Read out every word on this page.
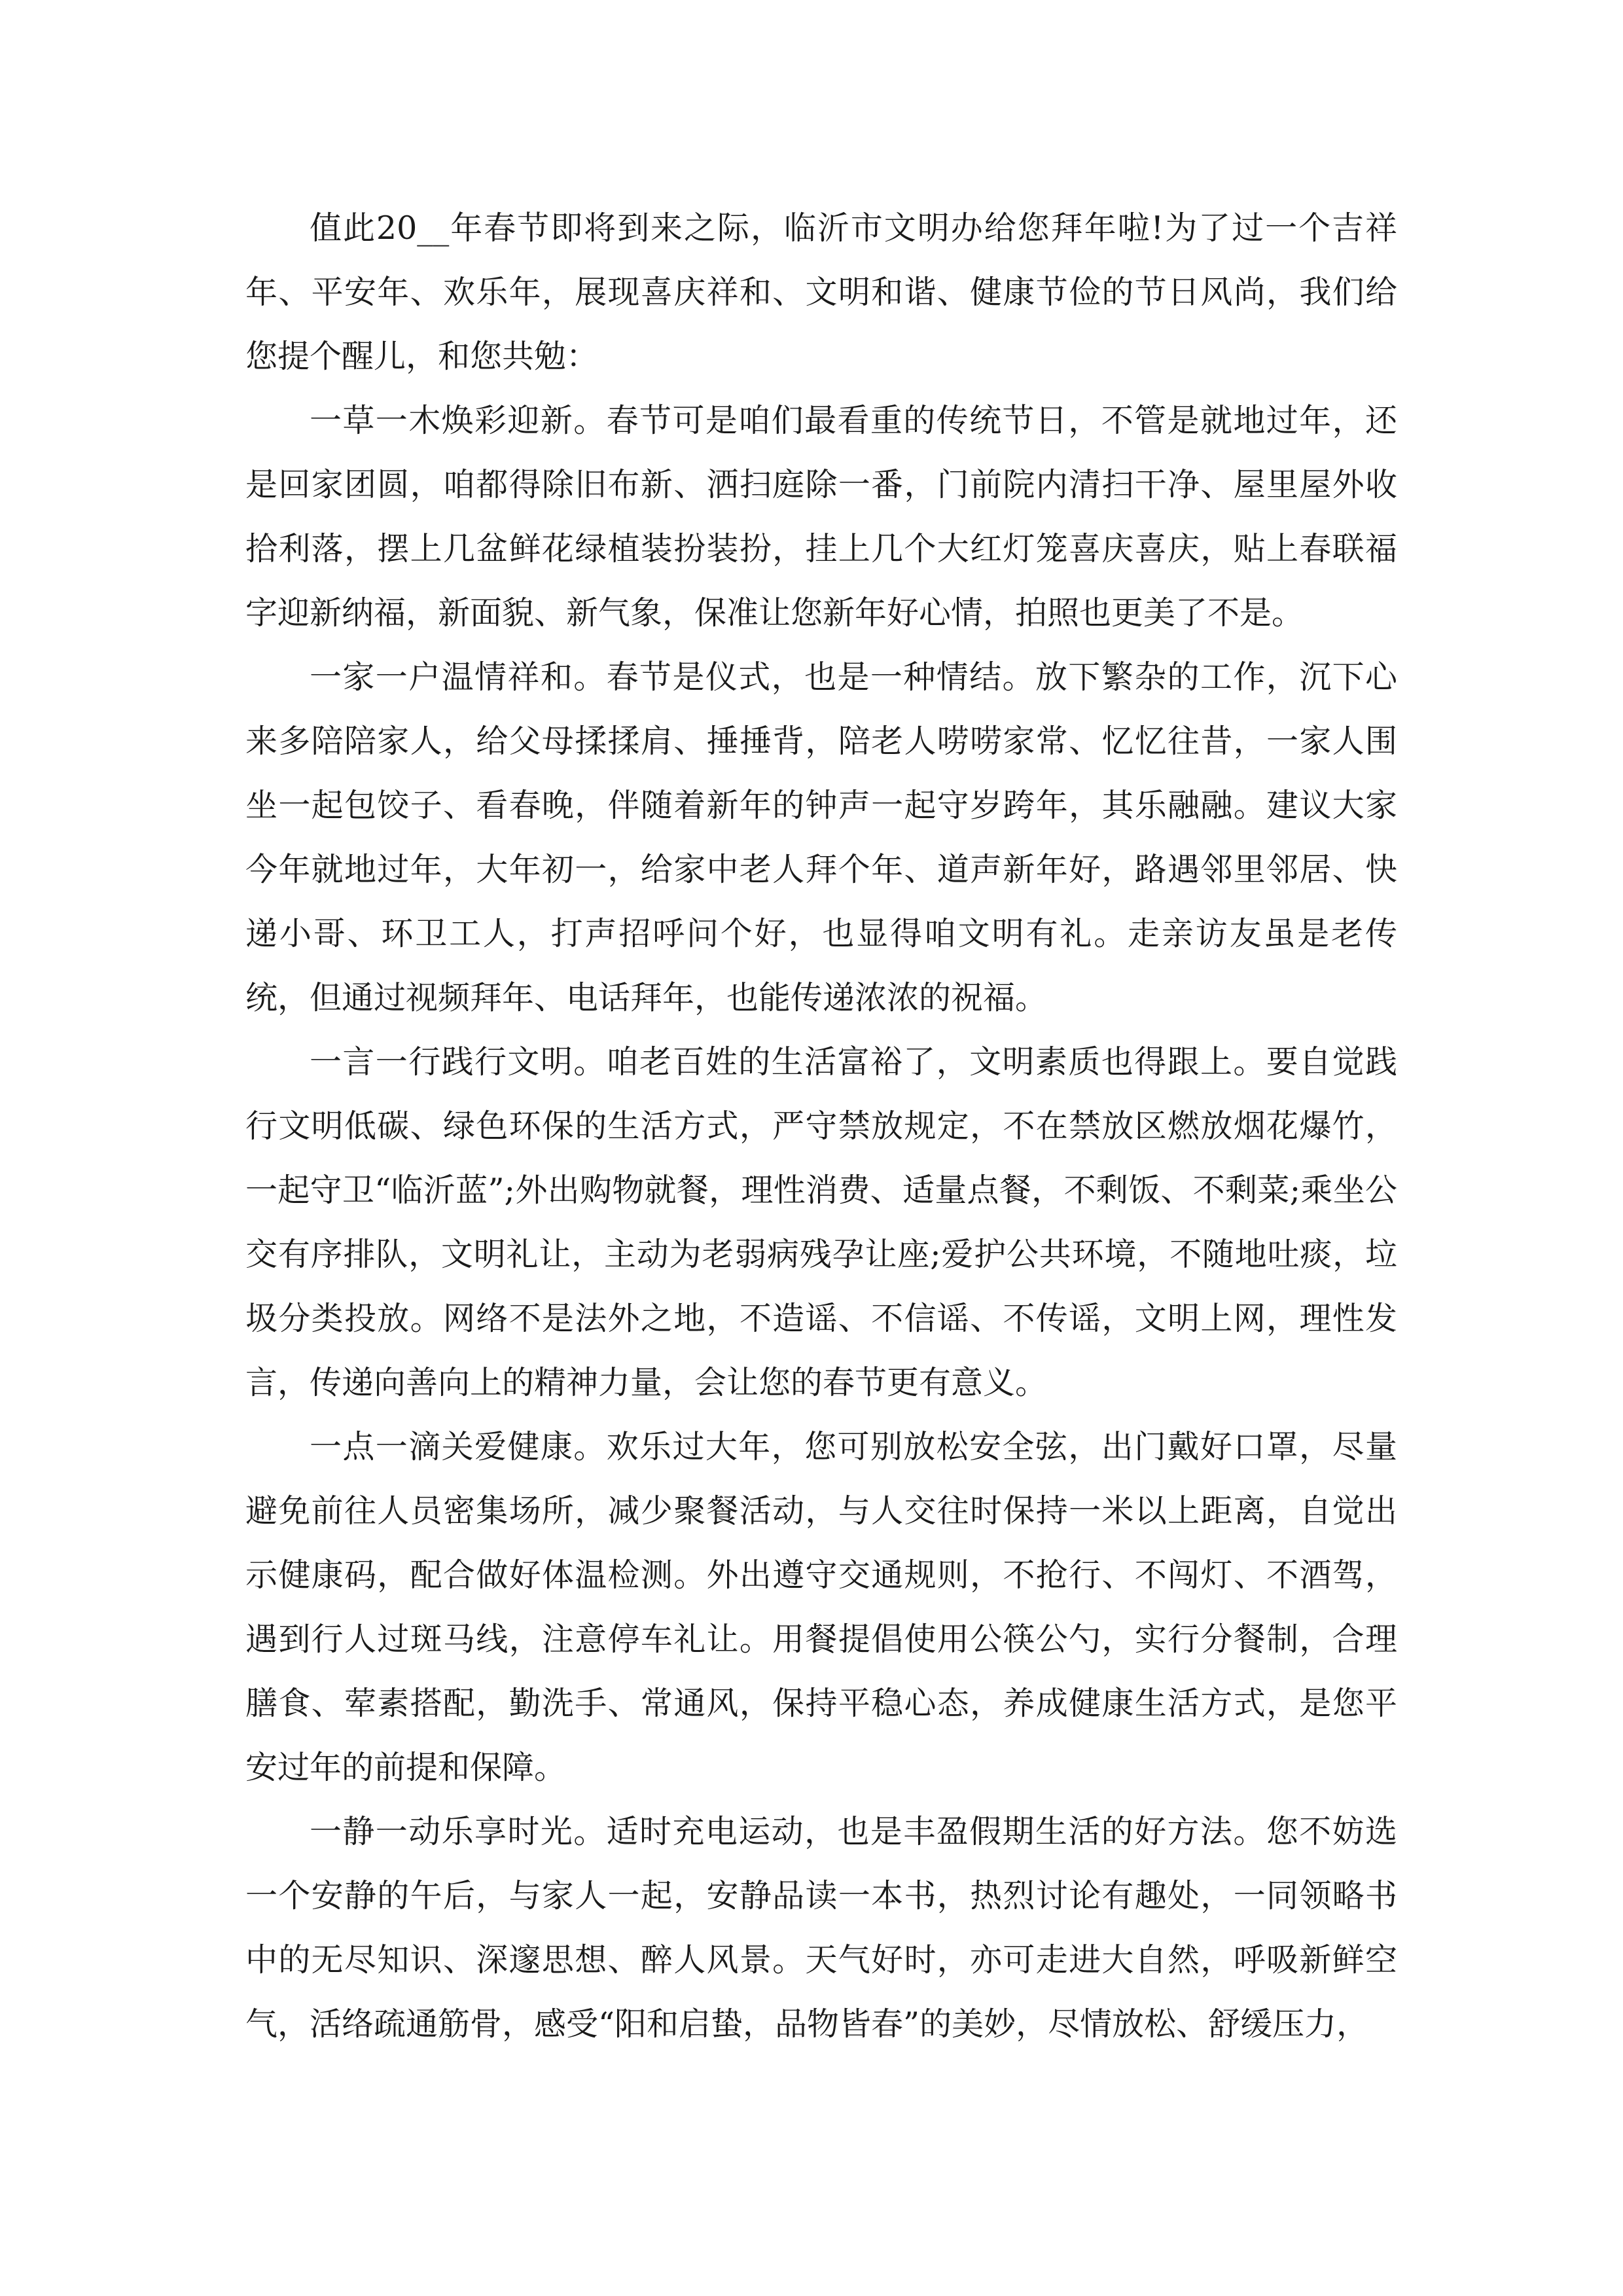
值此20__年春节即将到来之际，临沂市文明办给您拜年啦!为了过一个吉祥年、平安年、欢乐年，展现喜庆祥和、文明和谐、健康节俭的节日风尚，我们给您提个醒儿，和您共勉：

一草一木焕彩迎新。春节可是咱们最看重的传统节日，不管是就地过年，还是回家团圆，咱都得除旧布新、洒扫庭除一番，门前院内清扫干净、屋里屋外收拾利落，摆上几盆鲜花绿植装扮装扮，挂上几个大红灯笼喜庆喜庆，贴上春联福字迎新纳福，新面貌、新气象，保准让您新年好心情，拍照也更美了不是。

一家一户温情祥和。春节是仪式，也是一种情结。放下繁杂的工作，沉下心来多陪陪家人，给父母揉揉肩、捶捶背，陪老人唠唠家常、忆忆往昔，一家人围坐一起包饺子、看春晚，伴随着新年的钟声一起守岁跨年，其乐融融。建议大家今年就地过年，大年初一，给家中老人拜个年、道声新年好，路遇邻里邻居、快递小哥、环卫工人，打声招呼问个好，也显得咱文明有礼。走亲访友虽是老传统，但通过视频拜年、电话拜年，也能传递浓浓的祝福。

一言一行践行文明。咱老百姓的生活富裕了，文明素质也得跟上。要自觉践行文明低碳、绿色环保的生活方式，严守禁放规定，不在禁放区燃放烟花爆竹，一起守卫“临沂蓝”;外出购物就餐，理性消费、适量点餐，不剩饭、不剩菜;乘坐公交有序排队，文明礼让，主动为老弱病残孕让座;爱护公共环境，不随地吐痰，垃圾分类投放。网络不是法外之地，不造谣、不信谣、不传谣，文明上网，理性发言，传递向善向上的精神力量，会让您的春节更有意义。

一点一滴关爱健康。欢乐过大年，您可别放松安全弦，出门戴好口罩，尽量避免前往人员密集场所，减少聚餐活动，与人交往时保持一米以上距离，自觉出示健康码，配合做好体温检测。外出遵守交通规则，不抢行、不闯灯、不酒驾，遇到行人过斑马线，注意停车礼让。用餐提倡使用公筷公勺，实行分餐制，合理膳食、荤素搭配，勤洗手、常通风，保持平稳心态，养成健康生活方式，是您平安过年的前提和保障。

一静一动乐享时光。适时充电运动，也是丰盈假期生活的好方法。您不妨选一个安静的午后，与家人一起，安静品读一本书，热烈讨论有趣处，一同领略书中的无尽知识、深邃思想、醉人风景。天气好时，亦可走进大自然，呼吸新鲜空气，活络疏通筋骨，感受“阳和启蛰，品物皆春”的美妙，尽情放松、舒缓压力，
